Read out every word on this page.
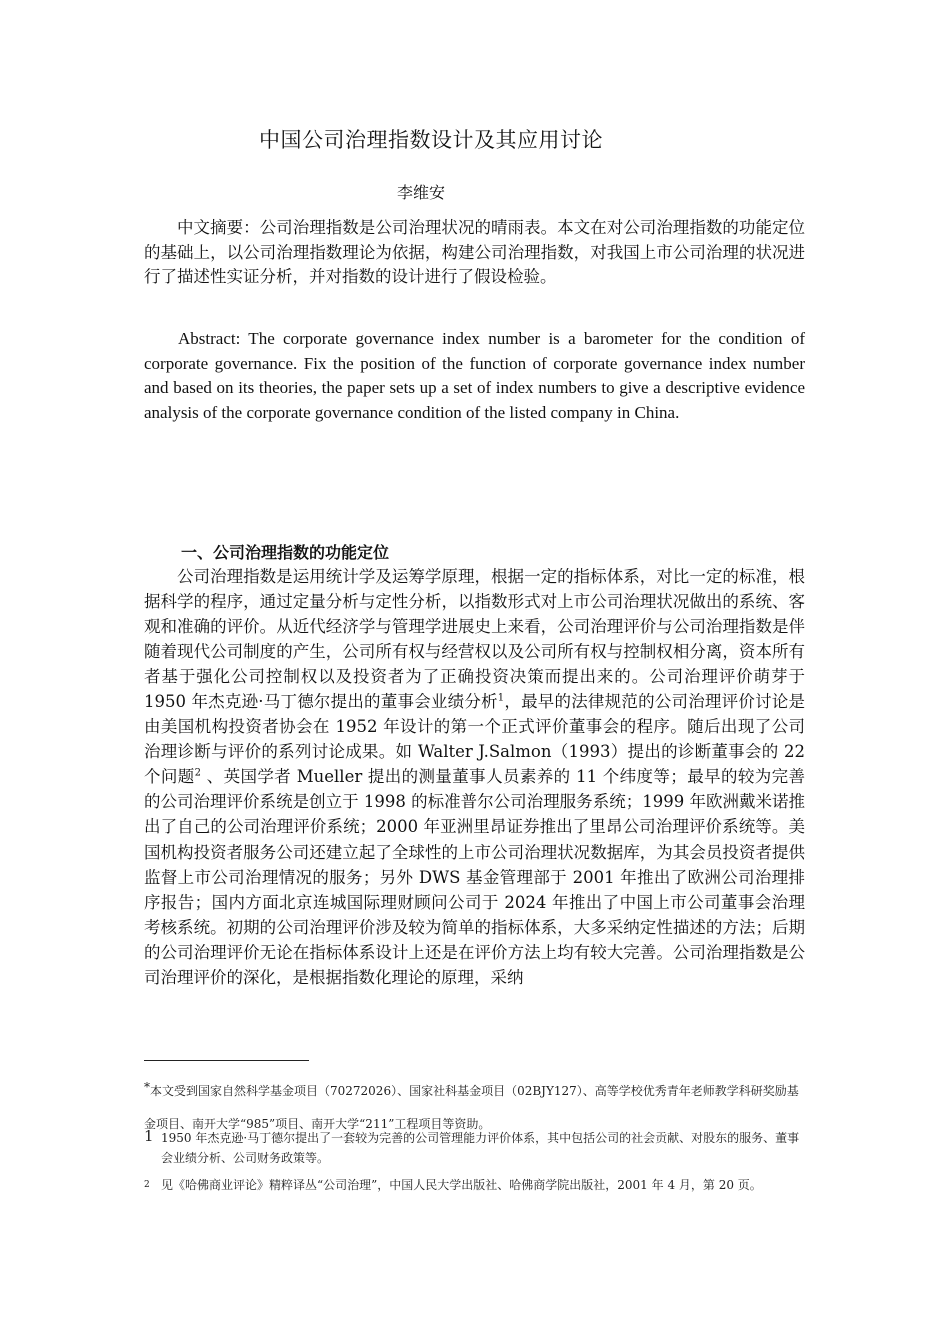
中国公司治理指数设计及其应用讨论
李维安

中文摘要：公司治理指数是公司治理状况的晴雨表。本文在对公司治理指数的功能定位的基础上，以公司治理指数理论为依据，构建公司治理指数，对我国上市公司治理的状况进行了描述性实证分析，并对指数的设计进行了假设检验。

Abstract: The corporate governance index number is a barometer for the condition of corporate governance. Fix the position of the function of corporate governance index number and based on its theories, the paper sets up a set of index numbers to give a descriptive evidence analysis of the corporate governance condition of the listed company in China.

一、公司治理指数的功能定位

公司治理指数是运用统计学及运筹学原理，根据一定的指标体系，对比一定的标准，根据科学的程序，通过定量分析与定性分析，以指数形式对上市公司治理状况做出的系统、客观和准确的评价。从近代经济学与管理学进展史上来看，公司治理评价与公司治理指数是伴随着现代公司制度的产生，公司所有权与经营权以及公司所有权与控制权相分离，资本所有者基于强化公司控制权以及投资者为了正确投资决策而提出来的。公司治理评价萌芽于 1950 年杰克逊·马丁德尔提出的董事会业绩分析$^1$，最早的法律规范的公司治理评价讨论是由美国机构投资者协会在 1952 年设计的第一个正式评价董事会的程序。随后出现了公司治理诊断与评价的系列讨论成果。如 Walter J.Salmon（1993）提出的诊断董事会的 22 个问题$^2$ 、英国学者 Mueller 提出的测量董事人员素养的 11 个纬度等；最早的较为完善的公司治理评价系统是创立于 1998 的标准普尔公司治理服务系统；1999 年欧洲戴米诺推出了自己的公司治理评价系统；2000 年亚洲里昂证券推出了里昂公司治理评价系统等。美国机构投资者服务公司还建立起了全球性的上市公司治理状况数据库，为其会员投资者提供监督上市公司治理情况的服务；另外 DWS 基金管理部于 2001 年推出了欧洲公司治理排序报告；国内方面北京连城国际理财顾问公司于 2024 年推出了中国上市公司董事会治理考核系统。初期的公司治理评价涉及较为简单的指标体系，大多采纳定性描述的方法；后期的公司治理评价无论在指标体系设计上还是在评价方法上均有较大完善。公司治理指数是公司治理评价的深化，是根据指数化理论的原理，采纳

*本文受到国家自然科学基金项目（70272026）、国家社科基金项目（02BJY127）、高等学校优秀青年老师教学科研奖励基金项目、南开大学“985”项目、南开大学“211”工程项目等资助。
1 1950 年杰克逊·马丁德尔提出了一套较为完善的公司管理能力评价体系，其中包括公司的社会贡献、对股东的服务、董事会业绩分析、公司财务政策等。
2 见《哈佛商业评论》精粹译丛“公司治理”，中国人民大学出版社、哈佛商学院出版社，2001 年 4 月，第 20 页。
